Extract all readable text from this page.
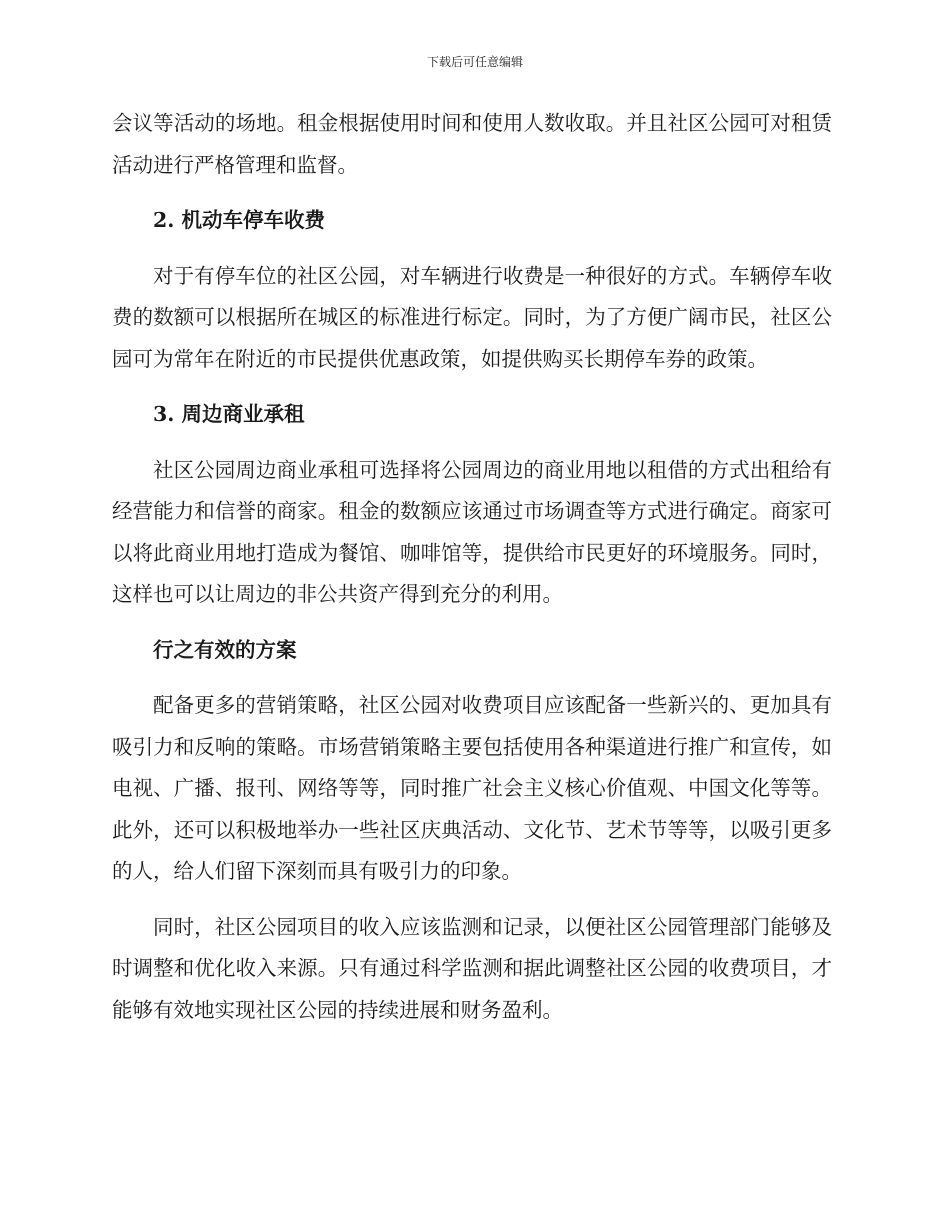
下载后可任意编辑

会议等活动的场地。租金根据使用时间和使用人数收取。并且社区公园可对租赁活动进行严格管理和监督。

2. 机动车停车收费

对于有停车位的社区公园，对车辆进行收费是一种很好的方式。车辆停车收费的数额可以根据所在城区的标准进行标定。同时，为了方便广阔市民，社区公园可为常年在附近的市民提供优惠政策，如提供购买长期停车券的政策。

3. 周边商业承租

社区公园周边商业承租可选择将公园周边的商业用地以租借的方式出租给有经营能力和信誉的商家。租金的数额应该通过市场调查等方式进行确定。商家可以将此商业用地打造成为餐馆、咖啡馆等，提供给市民更好的环境服务。同时，这样也可以让周边的非公共资产得到充分的利用。

行之有效的方案

配备更多的营销策略，社区公园对收费项目应该配备一些新兴的、更加具有吸引力和反响的策略。市场营销策略主要包括使用各种渠道进行推广和宣传，如电视、广播、报刊、网络等等，同时推广社会主义核心价值观、中国文化等等。此外，还可以积极地举办一些社区庆典活动、文化节、艺术节等等，以吸引更多的人，给人们留下深刻而具有吸引力的印象。

同时，社区公园项目的收入应该监测和记录，以便社区公园管理部门能够及时调整和优化收入来源。只有通过科学监测和据此调整社区公园的收费项目，才能够有效地实现社区公园的持续进展和财务盈利。
